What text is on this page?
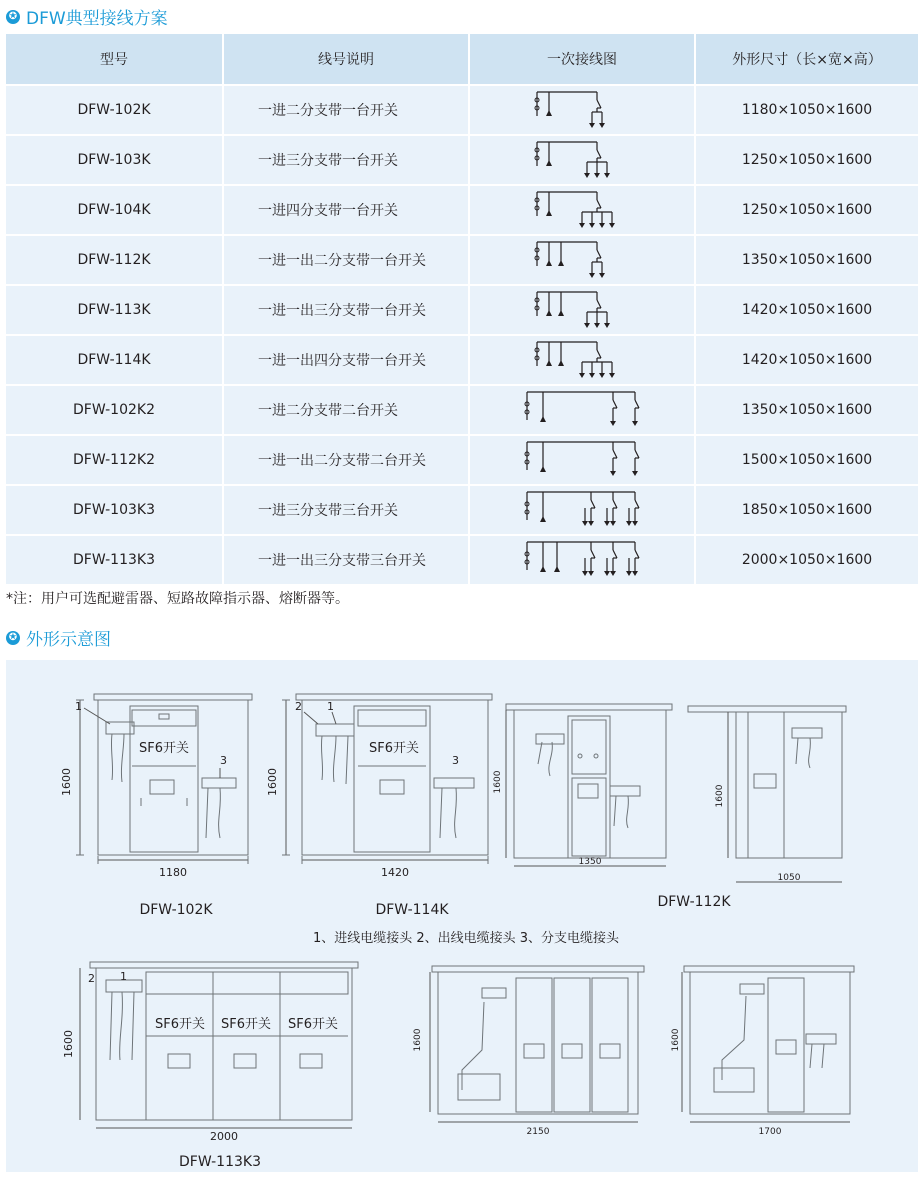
✪ DFW典型接线方案
型号	线号说明	一次接线图	外形尺寸（长×宽×高）
DFW-102K	一进二分支带一台开关		1180×1050×1600
DFW-103K	一进三分支带一台开关		1250×1050×1600
DFW-104K	一进四分支带一台开关		1250×1050×1600
DFW-112K	一进一出二分支带一台开关		1350×1050×1600
DFW-113K	一进一出三分支带一台开关		1420×1050×1600
DFW-114K	一进一出四分支带一台开关		1420×1050×1600
DFW-102K2	一进二分支带二台开关		1350×1050×1600
DFW-112K2	一进一出二分支带二台开关		1500×1050×1600
DFW-103K3	一进三分支带三台开关		1850×1050×1600
DFW-113K3	一进一出三分支带三台开关		2000×1050×1600
*注：用户可选配避雷器、短路故障指示器、熔断器等。
✪ 外形示意图
1600
1
3
1180
SF6开关
DFW-102K
1600
2 1
3
1420
SF6开关
DFW-114K
1600
1350
1600
1050
DFW-112K
1、进线电缆接头 2、出线电缆接头 3、分支电缆接头
1600
2 1
SF6开关 SF6开关 SF6开关
2000
DFW-113K3
1600
2150
1600
1700
